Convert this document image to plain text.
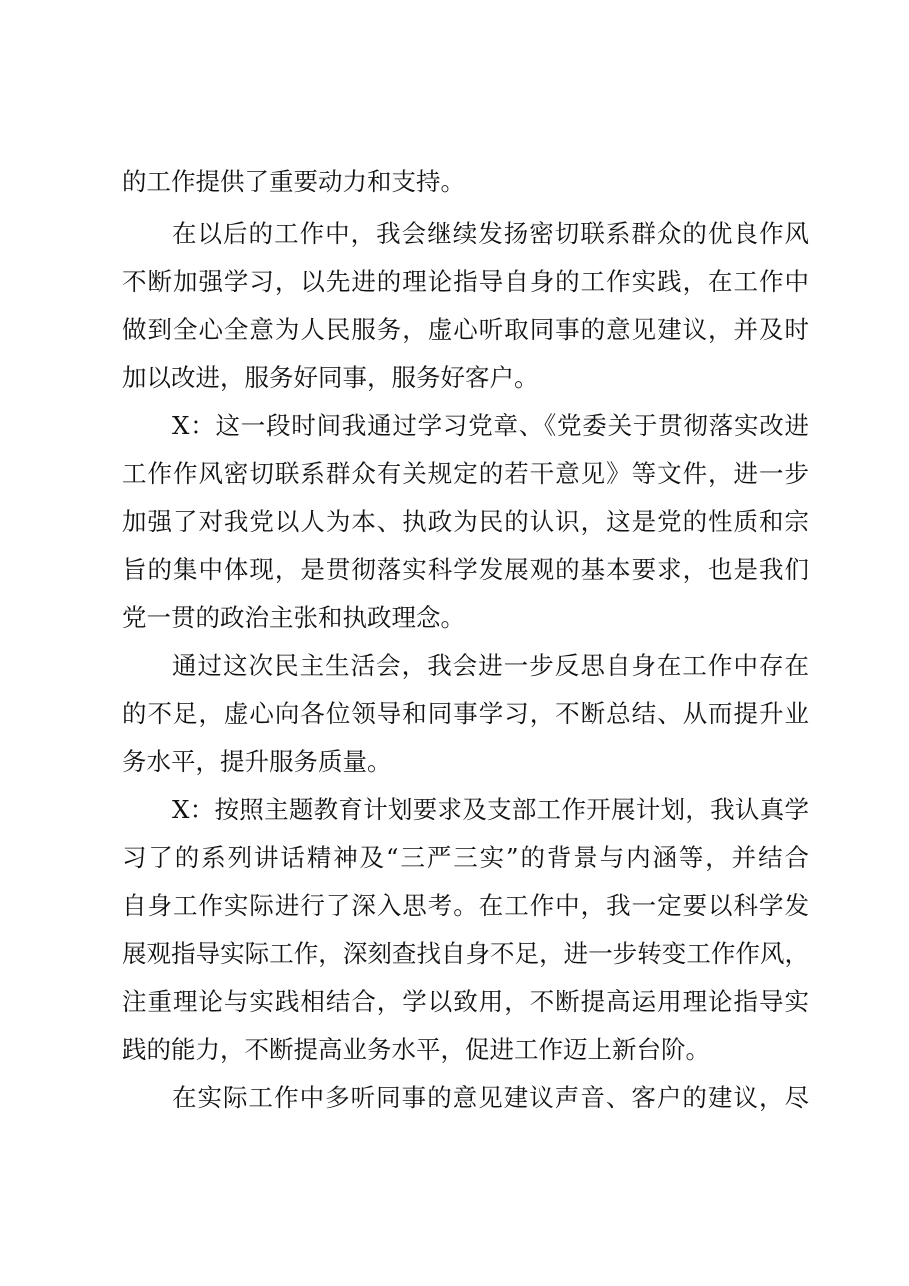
的工作提供了重要动力和支持。
在以后的工作中，我会继续发扬密切联系群众的优良作风
不断加强学习，以先进的理论指导自身的工作实践，在工作中
做到全心全意为人民服务，虚心听取同事的意见建议，并及时
加以改进，服务好同事，服务好客户。
X：这一段时间我通过学习党章、《党委关于贯彻落实改进
工作作风密切联系群众有关规定的若干意见》等文件，进一步
加强了对我党以人为本、执政为民的认识，这是党的性质和宗
旨的集中体现，是贯彻落实科学发展观的基本要求，也是我们
党一贯的政治主张和执政理念。
通过这次民主生活会，我会进一步反思自身在工作中存在
的不足，虚心向各位领导和同事学习，不断总结、从而提升业
务水平，提升服务质量。
X：按照主题教育计划要求及支部工作开展计划，我认真学
习了的系列讲话精神及“三严三实”的背景与内涵等，并结合
自身工作实际进行了深入思考。在工作中，我一定要以科学发
展观指导实际工作，深刻查找自身不足，进一步转变工作作风，
注重理论与实践相结合，学以致用，不断提高运用理论指导实
践的能力，不断提高业务水平，促进工作迈上新台阶。
在实际工作中多听同事的意见建议声音、客户的建议，尽
